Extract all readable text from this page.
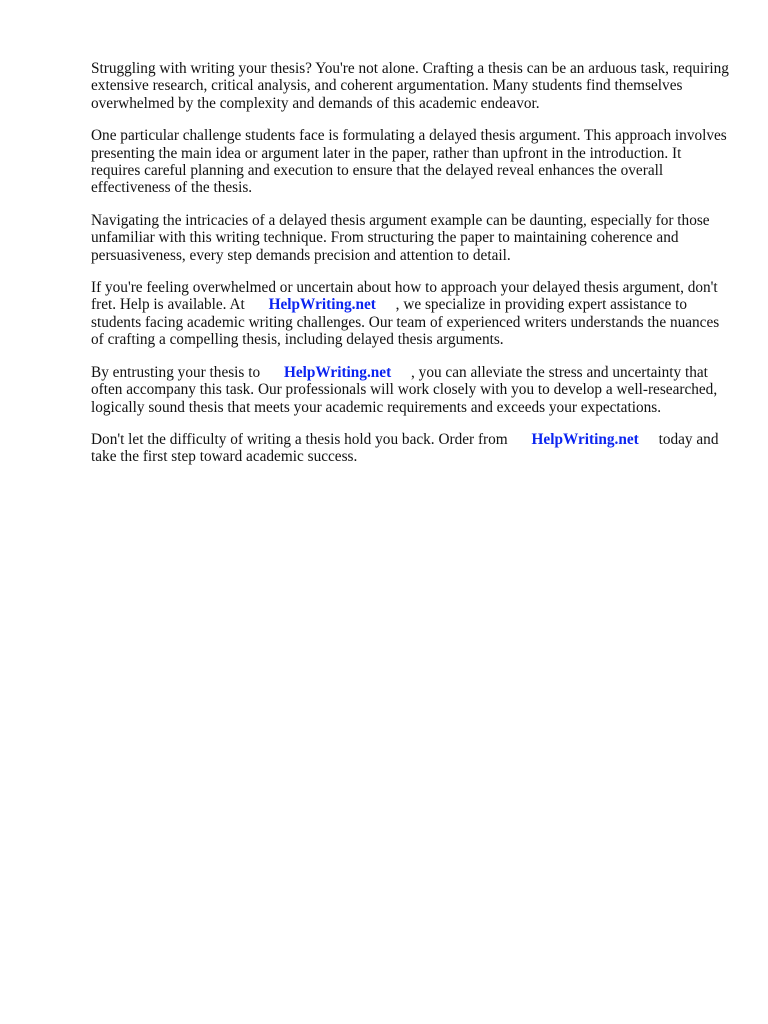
Struggling with writing your thesis? You're not alone. Crafting a thesis can be an arduous task, requiring extensive research, critical analysis, and coherent argumentation. Many students find themselves overwhelmed by the complexity and demands of this academic endeavor.

One particular challenge students face is formulating a delayed thesis argument. This approach involves presenting the main idea or argument later in the paper, rather than upfront in the introduction. It requires careful planning and execution to ensure that the delayed reveal enhances the overall effectiveness of the thesis.

Navigating the intricacies of a delayed thesis argument example can be daunting, especially for those unfamiliar with this writing technique. From structuring the paper to maintaining coherence and persuasiveness, every step demands precision and attention to detail.

If you're feeling overwhelmed or uncertain about how to approach your delayed thesis argument, don't fret. Help is available. At HelpWriting.net , we specialize in providing expert assistance to students facing academic writing challenges. Our team of experienced writers understands the nuances of crafting a compelling thesis, including delayed thesis arguments.

By entrusting your thesis to HelpWriting.net , you can alleviate the stress and uncertainty that often accompany this task. Our professionals will work closely with you to develop a well-researched, logically sound thesis that meets your academic requirements and exceeds your expectations.

Don't let the difficulty of writing a thesis hold you back. Order from HelpWriting.net today and take the first step toward academic success.
